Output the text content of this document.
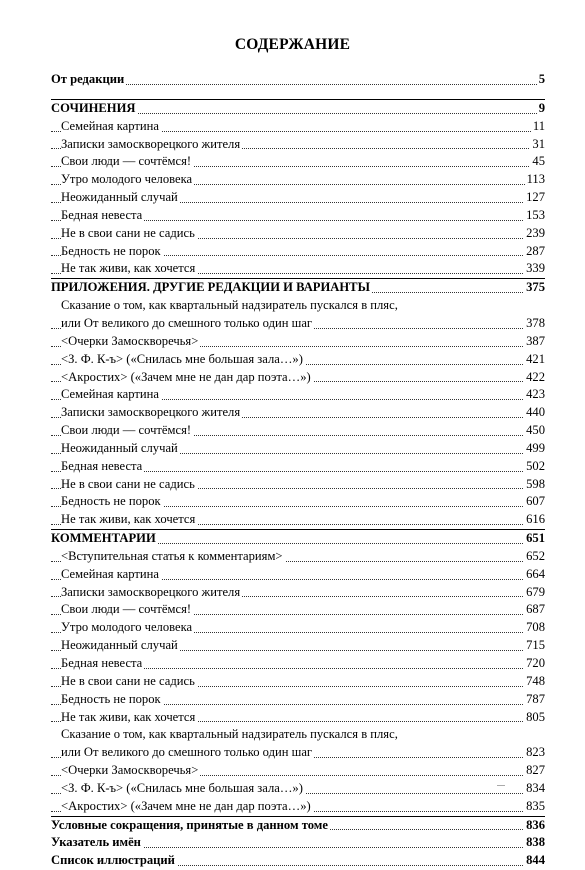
СОДЕРЖАНИЕ
От редакции	5
СОЧИНЕНИЯ	9
Семейная картина	11
Записки замоскворецкого жителя	31
Свои люди — сочтёмся!	45
Утро молодого человека	113
Неожиданный случай	127
Бедная невеста	153
Не в свои сани не садись	239
Бедность не порок	287
Не так живи, как хочется	339
ПРИЛОЖЕНИЯ. ДРУГИЕ РЕДАКЦИИ И ВАРИАНТЫ	375
Сказание о том, как квартальный надзиратель пускался в пляс,
или От великого до смешного только один шаг	378
<Очерки Замоскворечья>	387
<З. Ф. К-ъ> («Снилась мне большая зала…»)	421
<Акростих> («Зачем мне не дан дар поэта…»)	422
Семейная картина	423
Записки замоскворецкого жителя	440
Свои люди — сочтёмся!	450
Неожиданный случай	499
Бедная невеста	502
Не в свои сани не садись	598
Бедность не порок	607
Не так живи, как хочется	616
КОММЕНТАРИИ	651
<Вступительная статья к комментариям>	652
Семейная картина	664
Записки замоскворецкого жителя	679
Свои люди — сочтёмся!	687
Утро молодого человека	708
Неожиданный случай	715
Бедная невеста	720
Не в свои сани не садись	748
Бедность не порок	787
Не так живи, как хочется	805
Сказание о том, как квартальный надзиратель пускался в пляс,
или От великого до смешного только один шаг	823
<Очерки Замоскворечья>	827
<З. Ф. К-ъ> («Снилась мне большая зала…»)	834
<Акростих> («Зачем мне не дан дар поэта…»)	835
Условные сокращения, принятые в данном томе	836
Указатель имён	838
Список иллюстраций	844
